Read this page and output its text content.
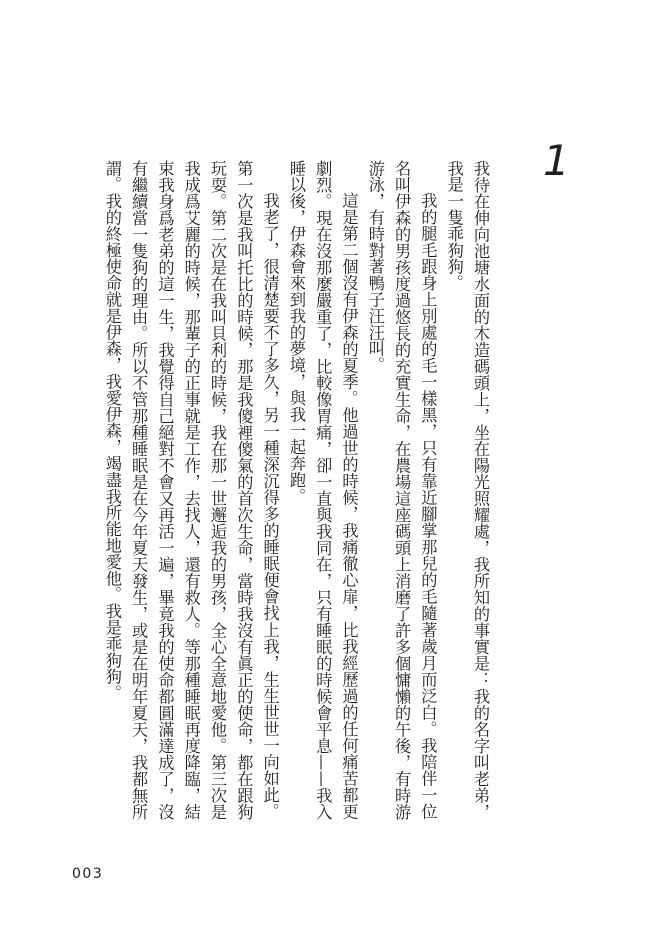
1

我待在伸向池塘水面的木造碼頭上，坐在陽光照耀處，我所知的事實是：我的名字叫老弟，我是一隻乖狗狗。

我的腿毛跟身上別處的毛一樣黑，只有靠近腳掌那兒的毛隨著歲月而泛白。我陪伴一位名叫伊森的男孩度過悠長的充實生命，在農場這座碼頭上消磨了許多個慵懶的午後，有時游游泳，有時對著鴨子汪汪叫。

這是第二個沒有伊森的夏季。他過世的時候，我痛徹心扉，比我經歷過的任何痛苦都更劇烈。現在沒那麼嚴重了，比較像胃痛，卻一直與我同在，只有睡眠的時候會平息——我入睡以後，伊森會來到我的夢境，與我一起奔跑。

我老了，很清楚要不了多久，另一種深沉得多的睡眠便會找上我，生生世世一向如此。第一次是我叫托比的時候，那是我傻裡傻氣的首次生命，當時我沒有眞正的使命，都在跟狗玩耍。第二次是在我叫貝利的時候，我在那一世邂逅我的男孩，全心全意地愛他。第三次是我成爲艾麗的時候，那輩子的正事就是工作，去找人，還有救人。等那種睡眠再度降臨，結束我身爲老弟的這一生，我覺得自己絕對不會又再活一遍，畢竟我的使命都圓滿達成了，沒有繼續當一隻狗的理由。所以不管那種睡眠是在今年夏天發生，或是在明年夏天，我都無所謂。我的終極使命就是伊森，我愛伊森，竭盡我所能地愛他。我是乖狗狗。

003
